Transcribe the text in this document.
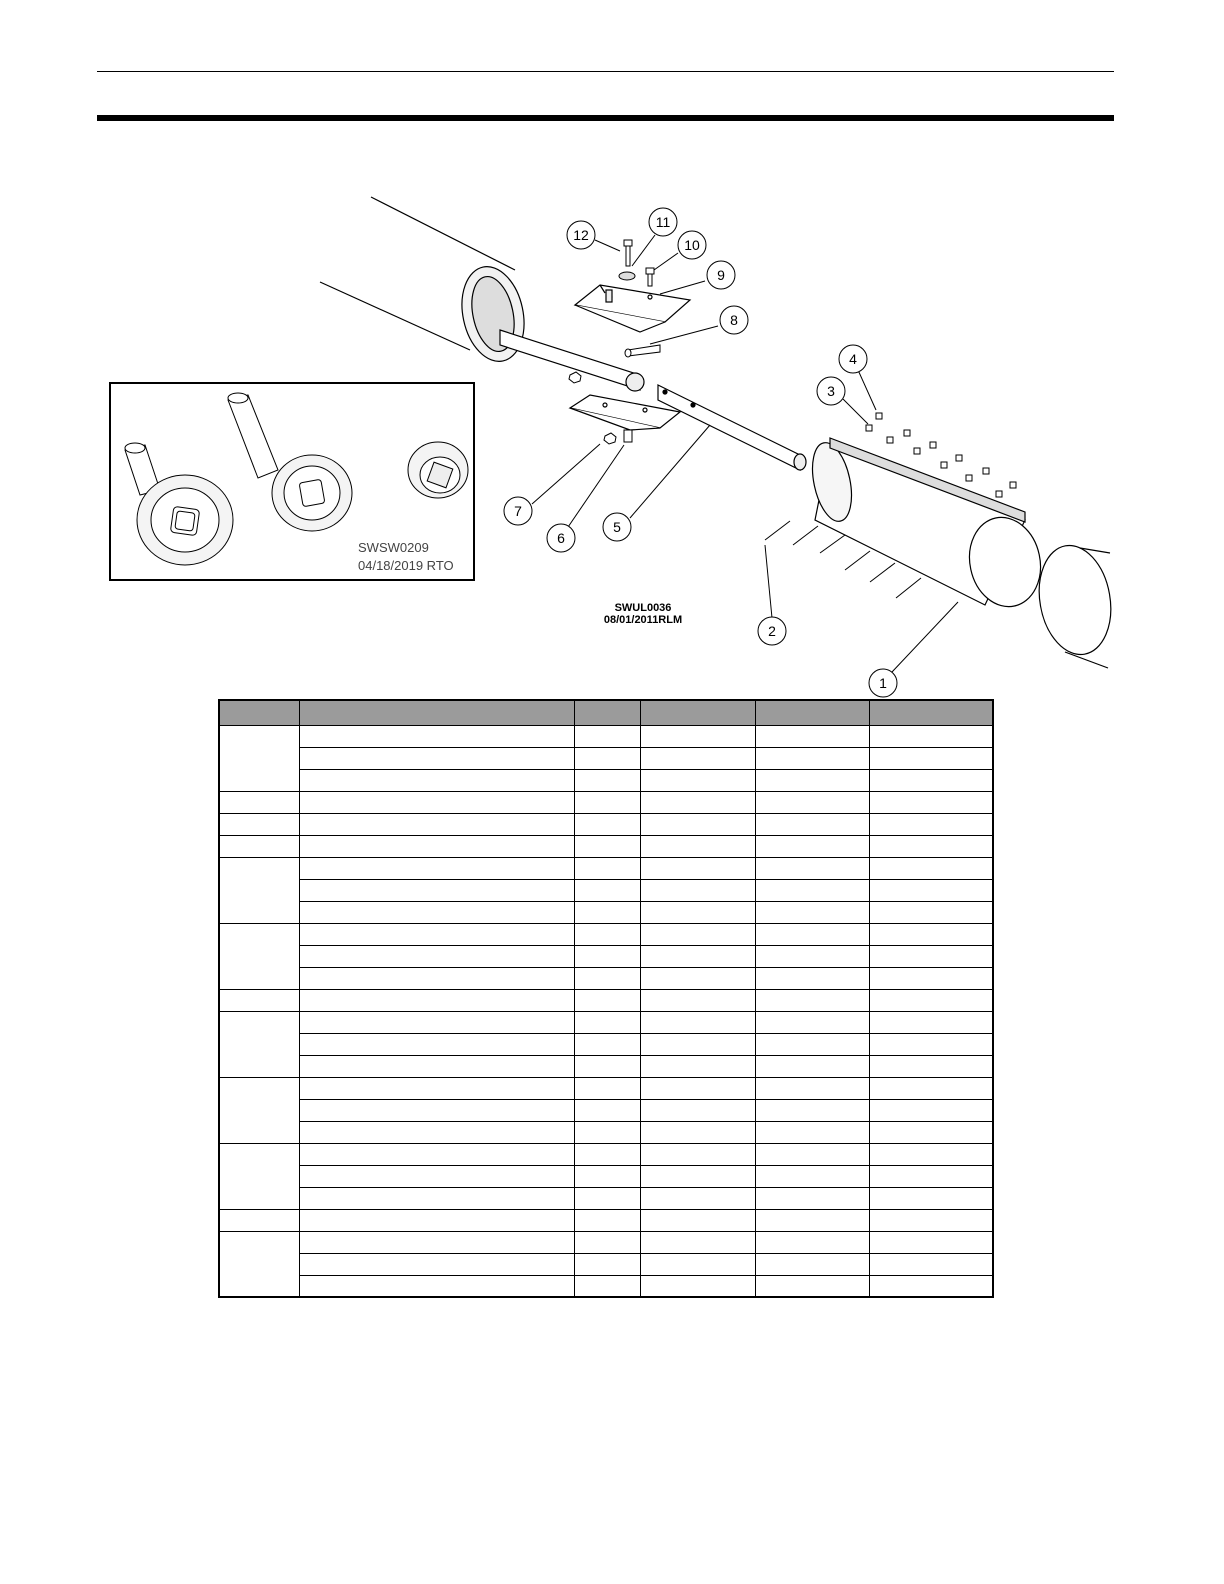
12
11
10
9
8
4
3
5
6
7
2
1
SWUL0036
08/01/2011RLM
SWSW0209
04/18/2019 RTO
